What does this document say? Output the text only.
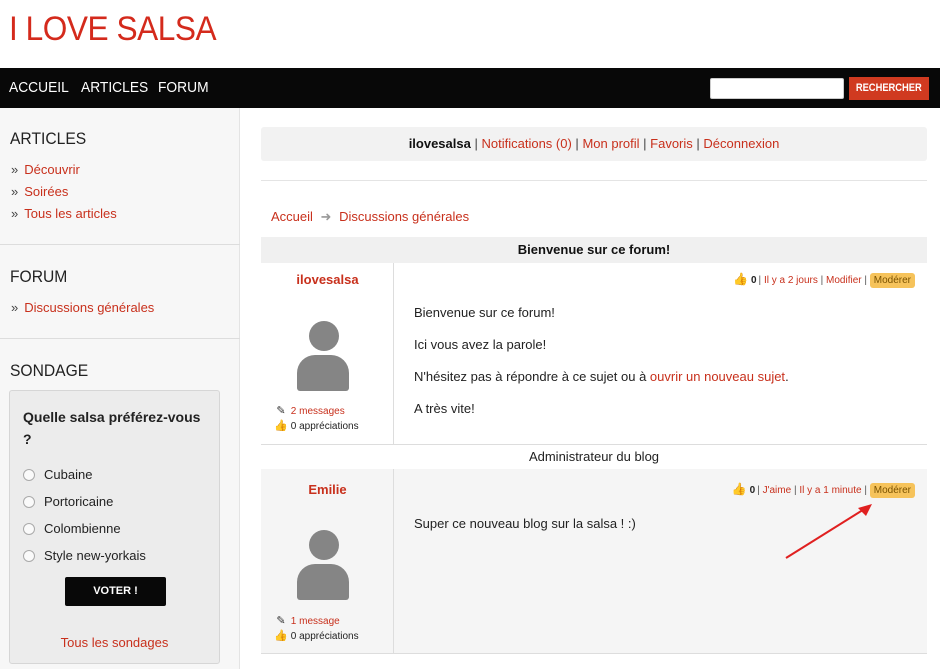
I LOVE SALSA
ACCUEIL ARTICLES FORUM	RECHERCHER
ARTICLES
» Découvrir
» Soirées
» Tous les articles
FORUM
» Discussions générales
SONDAGE
Quelle salsa préférez-vous ?
Cubaine
Portoricaine
Colombienne
Style new-yorkais
VOTER !
Tous les sondages
ilovesalsa | Notifications (0) | Mon profil | Favoris | Déconnexion
Accueil ➜ Discussions générales
Bienvenue sur ce forum!
ilovesalsa
✎ 2 messages
👍 0 appréciations
👍 0 | Il y a 2 jours | Modifier | Modérer

Bienvenue sur ce forum!

Ici vous avez la parole!

N'hésitez pas à répondre à ce sujet ou à ouvrir un nouveau sujet.

A très vite!

Administrateur du blog
Emilie
✎ 1 message
👍 0 appréciations
👍 0 | J'aime | Il y a 1 minute | Modérer

Super ce nouveau blog sur la salsa ! :)
